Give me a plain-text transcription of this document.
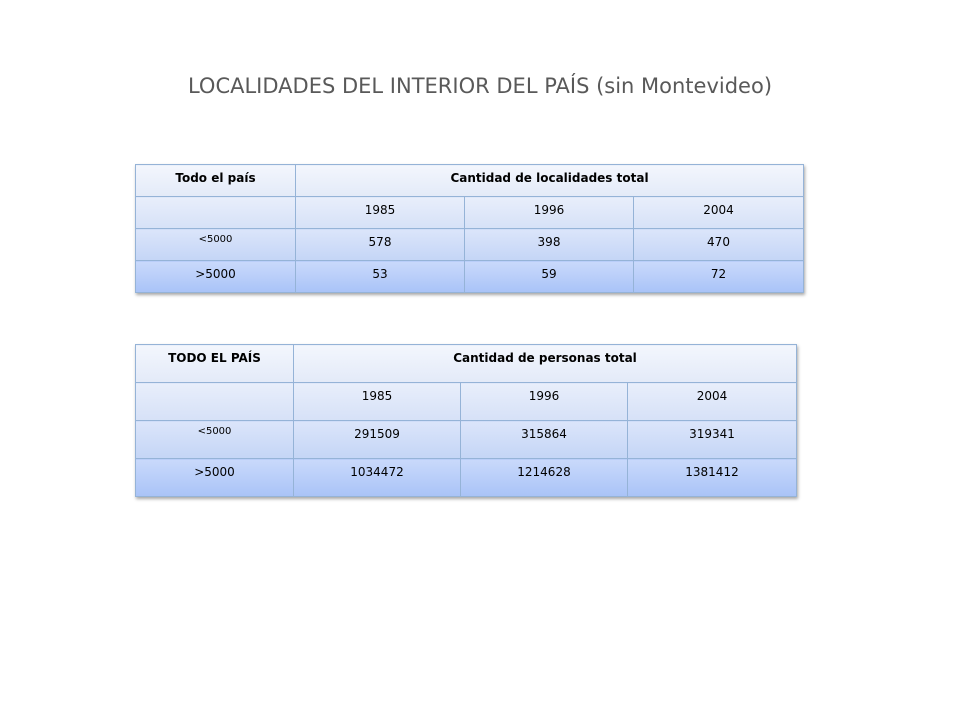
LOCALIDADES DEL INTERIOR DEL PAÍS (sin Montevideo)
Todo el país	Cantidad de localidades total		

	1985	1996	2004

<5000	578	398	470

>5000	53	59	72
TODO EL PAÍS	Cantidad de personas total		

	1985	1996	2004

<5000	291509	315864	319341

>5000	1034472	1214628	1381412
